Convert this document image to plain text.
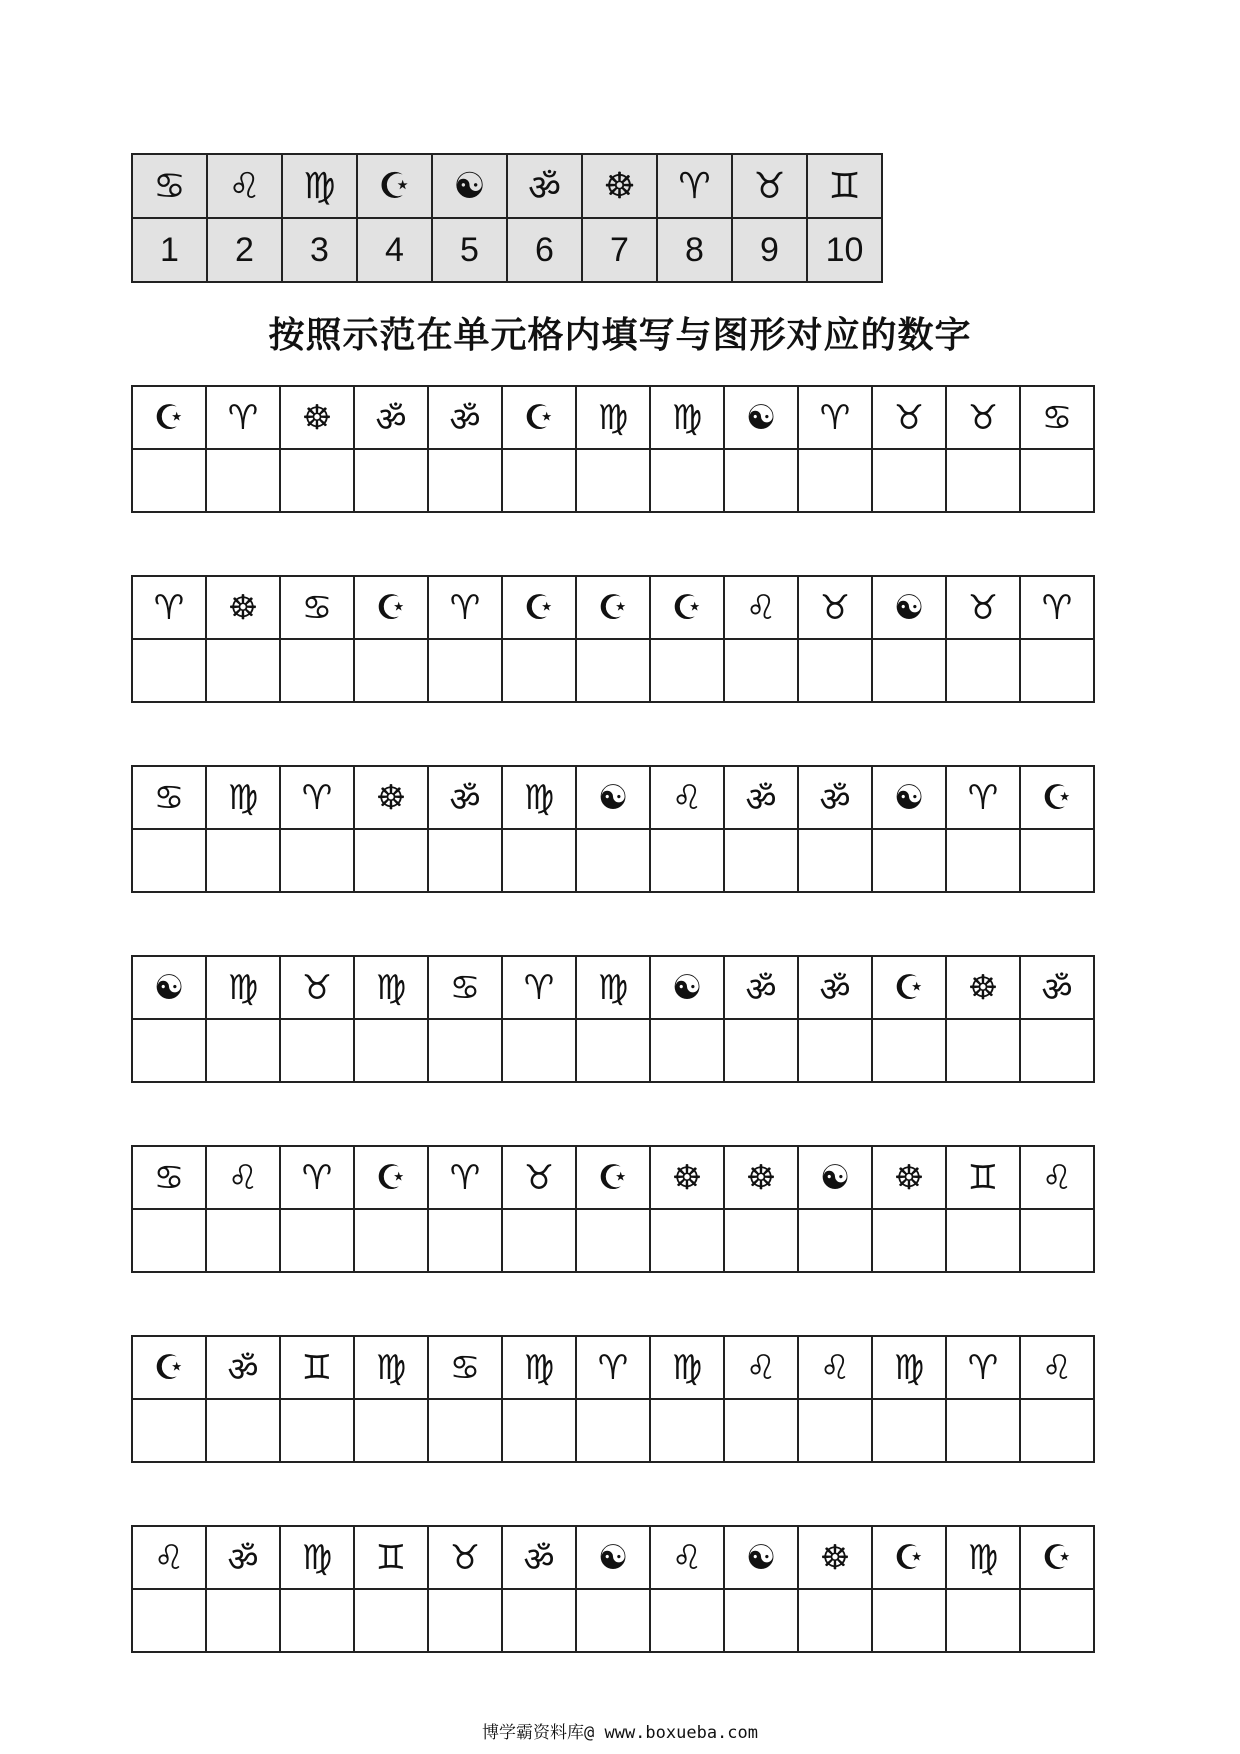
♋	♌	♍	☪	☯	ॐ	☸	♈	♉	♊
1	2	3	4	5	6	7	8	9	10
按照示范在单元格内填写与图形对应的数字
☪	♈	☸	ॐ	ॐ	☪	♍	♍	☯	♈	♉	♉	♋

♈	☸	♋	☪	♈	☪	☪	☪	♌	♉	☯	♉	♈

♋	♍	♈	☸	ॐ	♍	☯	♌	ॐ	ॐ	☯	♈	☪

☯	♍	♉	♍	♋	♈	♍	☯	ॐ	ॐ	☪	☸	ॐ

♋	♌	♈	☪	♈	♉	☪	☸	☸	☯	☸	♊	♌

☪	ॐ	♊	♍	♋	♍	♈	♍	♌	♌	♍	♈	♌

♌	ॐ	♍	♊	♉	ॐ	☯	♌	☯	☸	☪	♍	☪

博学霸资料库@ www.boxueba.com
